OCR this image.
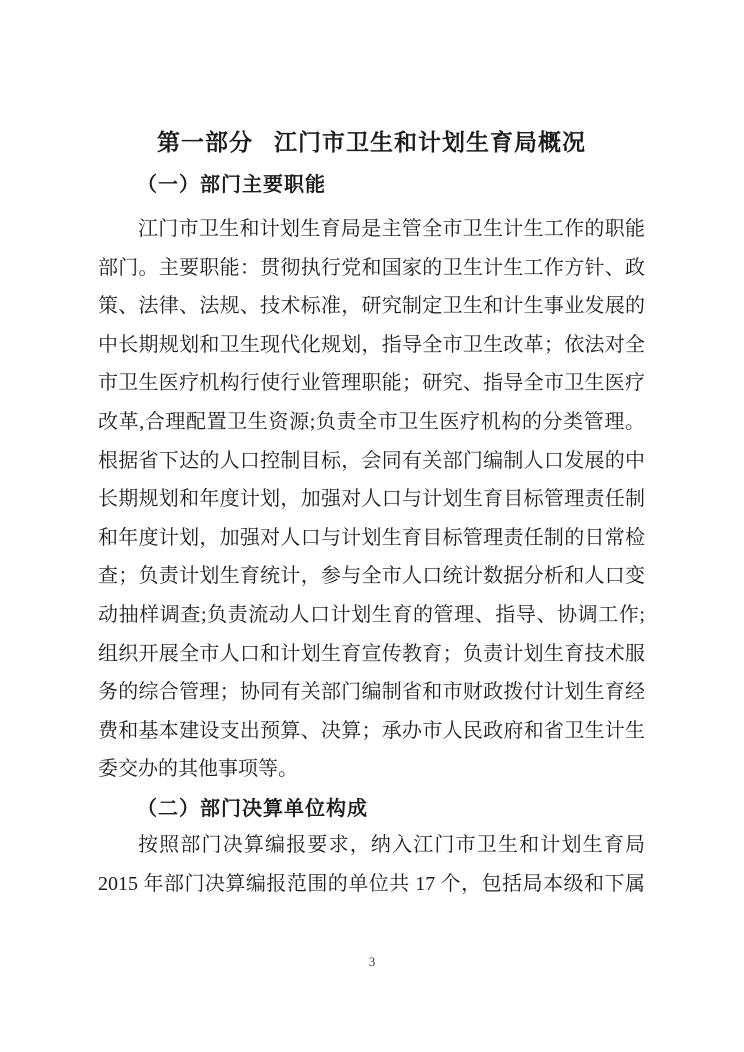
第一部分 江门市卫生和计划生育局概况
（一）部门主要职能
江门市卫生和计划生育局是主管全市卫生计生工作的职能
部门。主要职能：贯彻执行党和国家的卫生计生工作方针、政
策、法律、法规、技术标准，研究制定卫生和计生事业发展的
中长期规划和卫生现代化规划，指导全市卫生改革；依法对全
市卫生医疗机构行使行业管理职能；研究、指导全市卫生医疗
改革,合理配置卫生资源;负责全市卫生医疗机构的分类管理。
根据省下达的人口控制目标，会同有关部门编制人口发展的中
长期规划和年度计划，加强对人口与计划生育目标管理责任制
和年度计划，加强对人口与计划生育目标管理责任制的日常检
查；负责计划生育统计，参与全市人口统计数据分析和人口变
动抽样调查;负责流动人口计划生育的管理、指导、协调工作;
组织开展全市人口和计划生育宣传教育；负责计划生育技术服
务的综合管理；协同有关部门编制省和市财政拨付计划生育经
费和基本建设支出预算、决算；承办市人民政府和省卫生计生
委交办的其他事项等。
（二）部门决算单位构成
按照部门决算编报要求，纳入江门市卫生和计划生育局
2015 年部门决算编报范围的单位共 17 个，包括局本级和下属
3
